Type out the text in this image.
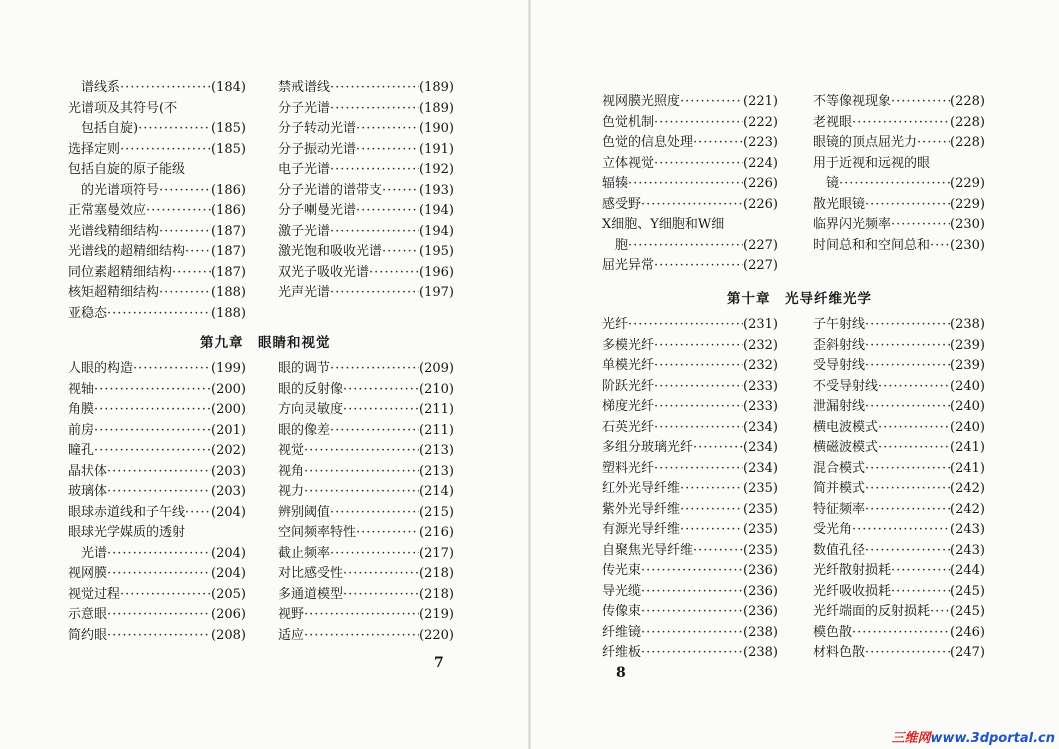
谱线系 ·····	(184)
光谱项及其符号(不
包括自旋) ·····	(185)
选择定则 ·····	(185)
包括自旋的原子能级
的光谱项符号 ·····	(186)
正常塞曼效应 ·····	(186)
光谱线精细结构 ·····	(187)
光谱线的超精细结构 ····· (187)
同位素超精细结构 ·····	(187)
核矩超精细结构 ·····	(188)
亚稳态 ·····	(188)
禁戒谱线 ·····	(189)
分子光谱 ·····	(189)
分子转动光谱 ·····	(190)
分子振动光谱 ·····	(191)
电子光谱 ·····	(192)
分子光谱的谱带支 ·····	(193)
分子喇曼光谱 ·····	(194)
激子光谱 ·····	(194)
激光饱和吸收光谱 ·····	(195)
双光子吸收光谱 ·····	(196)
光声光谱 ·····	(197)
第九章　眼睛和视觉
人眼的构造 ·····	(199)
视轴 ·····	(200)
角膜 ·····	(200)
前房 ·····	(201)
瞳孔 ·····	(202)
晶状体 ·····	(203)
玻璃体 ·····	(203)
眼球赤道线和子午线 ····· (204)
眼球光学媒质的透射
光谱 ·····	(204)
视网膜 ·····	(204)
视觉过程 ·····	(205)
示意眼 ·····	(206)
简约眼 ·····	(208)
眼的调节 ·····	(209)
眼的反射像 ·····	(210)
方向灵敏度 ·····	(211)
眼的像差 ·····	(211)
视觉 ·····	(213)
视角 ·····	(213)
视力 ·····	(214)
辨别阈值 ·····	(215)
空间频率特性 ·····	(216)
截止频率 ·····	(217)
对比感受性 ·····	(218)
多通道模型 ·····	(218)
视野 ·····	(219)
适应 ·····	(220)
7
视网膜光照度 ·····	(221)
色觉机制 ·····	(222)
色觉的信息处理 ·····	(223)
立体视觉 ·····	(224)
辐辏 ·····	(226)
感受野 ·····	(226)
X细胞、Y细胞和W细
胞 ·····	(227)
屈光异常 ·····	(227)
不等像视现象 ·····	(228)
老视眼 ·····	(228)
眼镜的顶点屈光力 ·····	(228)
用于近视和远视的眼
镜 ·····	(229)
散光眼镜 ·····	(229)
临界闪光频率 ·····	(230)
时间总和和空间总和 ····· (230)
第十章　光导纤维光学
光纤 ·····	(231)
多模光纤 ·····	(232)
单模光纤 ·····	(232)
阶跃光纤 ·····	(233)
梯度光纤 ·····	(233)
石英光纤 ·····	(234)
多组分玻璃光纤 ·····	(234)
塑料光纤 ·····	(234)
红外光导纤维 ·····	(235)
紫外光导纤维 ·····	(235)
有源光导纤维 ·····	(235)
自聚焦光导纤维 ·····	(235)
传光束 ·····	(236)
导光缆 ·····	(236)
传像束 ·····	(236)
纤维镜 ·····	(238)
纤维板 ·····	(238)
子午射线 ·····	(238)
歪斜射线 ·····	(239)
受导射线 ·····	(239)
不受导射线 ·····	(240)
泄漏射线 ·····	(240)
横电波模式 ·····	(240)
横磁波模式 ·····	(241)
混合模式 ·····	(241)
简并模式 ·····	(242)
特征频率 ·····	(242)
受光角 ·····	(243)
数值孔径 ·····	(243)
光纤散射损耗 ·····	(244)
光纤吸收损耗 ·····	(245)
光纤端面的反射损耗 ····· (245)
模色散 ·····	(246)
材料色散 ·····	(247)
8
三维网www.3dportal.cn
